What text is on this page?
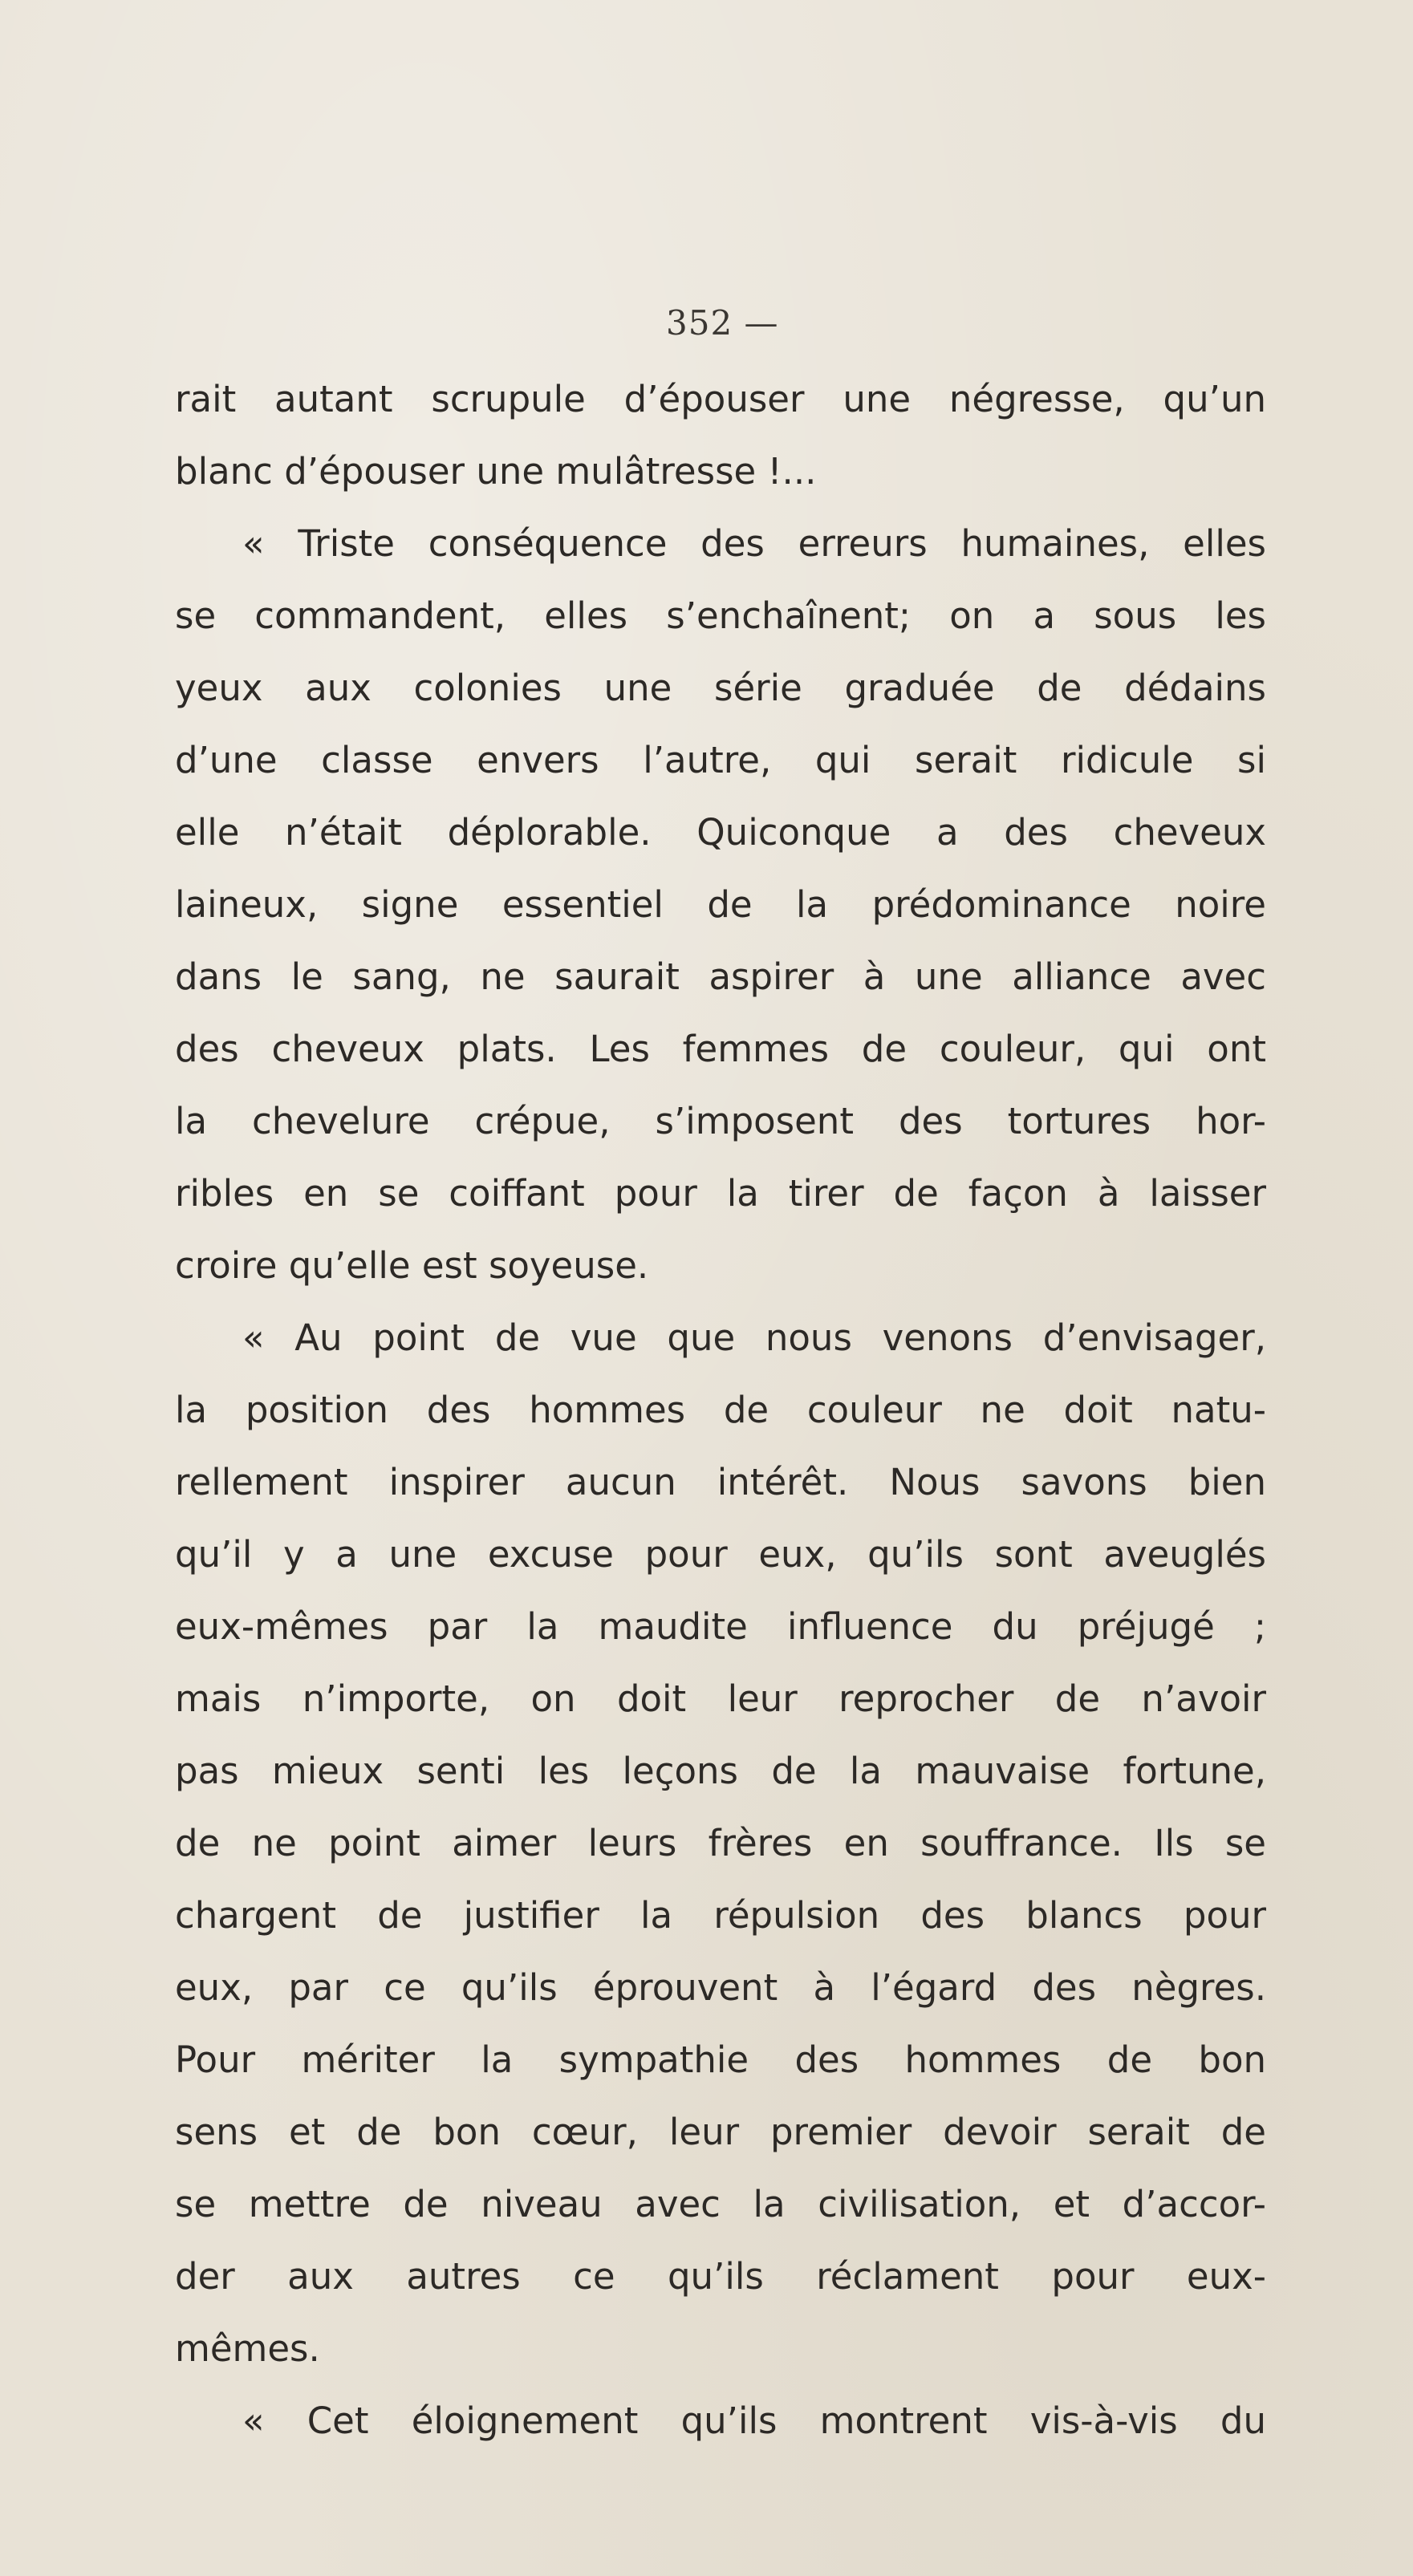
352 —
rait autant scrupule d’épouser une négresse, qu’un
blanc d’épouser une mulâtresse !...
« Triste conséquence des erreurs humaines, elles
se commandent, elles s’enchaînent; on a sous les
yeux aux colonies une série graduée de dédains
d’une classe envers l’autre, qui serait ridicule si
elle n’était déplorable. Quiconque a des cheveux
laineux, signe essentiel de la prédominance noire
dans le sang, ne saurait aspirer à une alliance avec
des cheveux plats. Les femmes de couleur, qui ont
la chevelure crépue, s’imposent des tortures hor-
ribles en se coiffant pour la tirer de façon à laisser
croire qu’elle est soyeuse.
« Au point de vue que nous venons d’envisager,
la position des hommes de couleur ne doit natu-
rellement inspirer aucun intérêt. Nous savons bien
qu’il y a une excuse pour eux, qu’ils sont aveuglés
eux-mêmes par la maudite influence du préjugé ;
mais n’importe, on doit leur reprocher de n’avoir
pas mieux senti les leçons de la mauvaise fortune,
de ne point aimer leurs frères en souffrance. Ils se
chargent de justifier la répulsion des blancs pour
eux, par ce qu’ils éprouvent à l’égard des nègres.
Pour mériter la sympathie des hommes de bon
sens et de bon cœur, leur premier devoir serait de
se mettre de niveau avec la civilisation, et d’accor-
der aux autres ce qu’ils réclament pour eux-
mêmes.
« Cet éloignement qu’ils montrent vis-à-vis du
